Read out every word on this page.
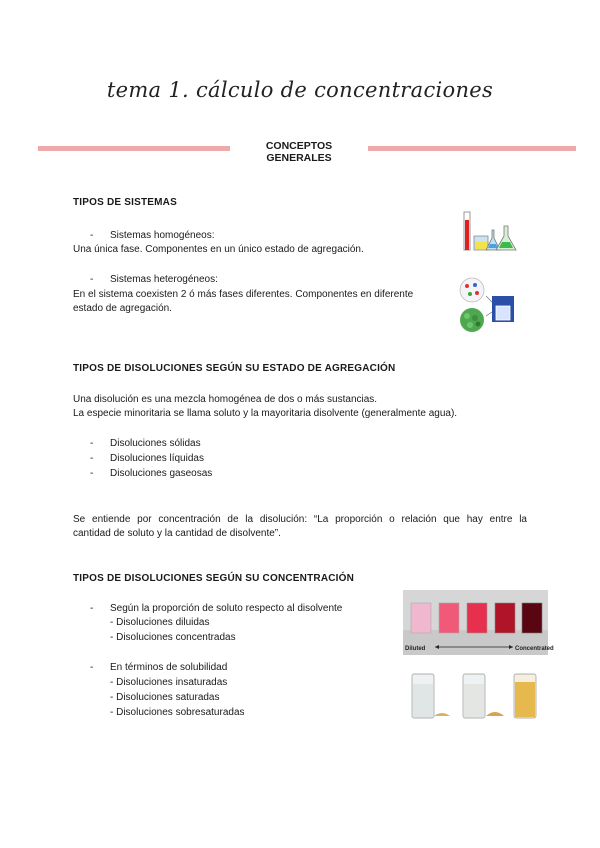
tema 1. cálculo de concentraciones
CONCEPTOS GENERALES
TIPOS DE SISTEMAS
- Sistemas homogéneos:
Una única fase. Componentes en un único estado de agregación.
- Sistemas heterogéneos:
En el sistema coexisten 2 ó más fases diferentes. Componentes en diferente
estado de agregación.
TIPOS DE DISOLUCIONES SEGÚN SU ESTADO DE AGREGACIÓN
Una disolución es una mezcla homogénea de dos o más sustancias.
La especie minoritaria se llama soluto y la mayoritaria disolvente (generalmente agua).
- Disoluciones sólidas
- Disoluciones líquidas
- Disoluciones gaseosas
Se entiende por concentración de la disolución: “La proporción o relación que hay entre la
cantidad de soluto y la cantidad de disolvente”.
TIPOS DE DISOLUCIONES SEGÚN SU CONCENTRACIÓN
- Según la proporción de soluto respecto al disolvente
- Disoluciones diluidas
- Disoluciones concentradas
- En términos de solubilidad
- Disoluciones insaturadas
- Disoluciones saturadas
- Disoluciones sobresaturadas
Diluted	Concentrated
